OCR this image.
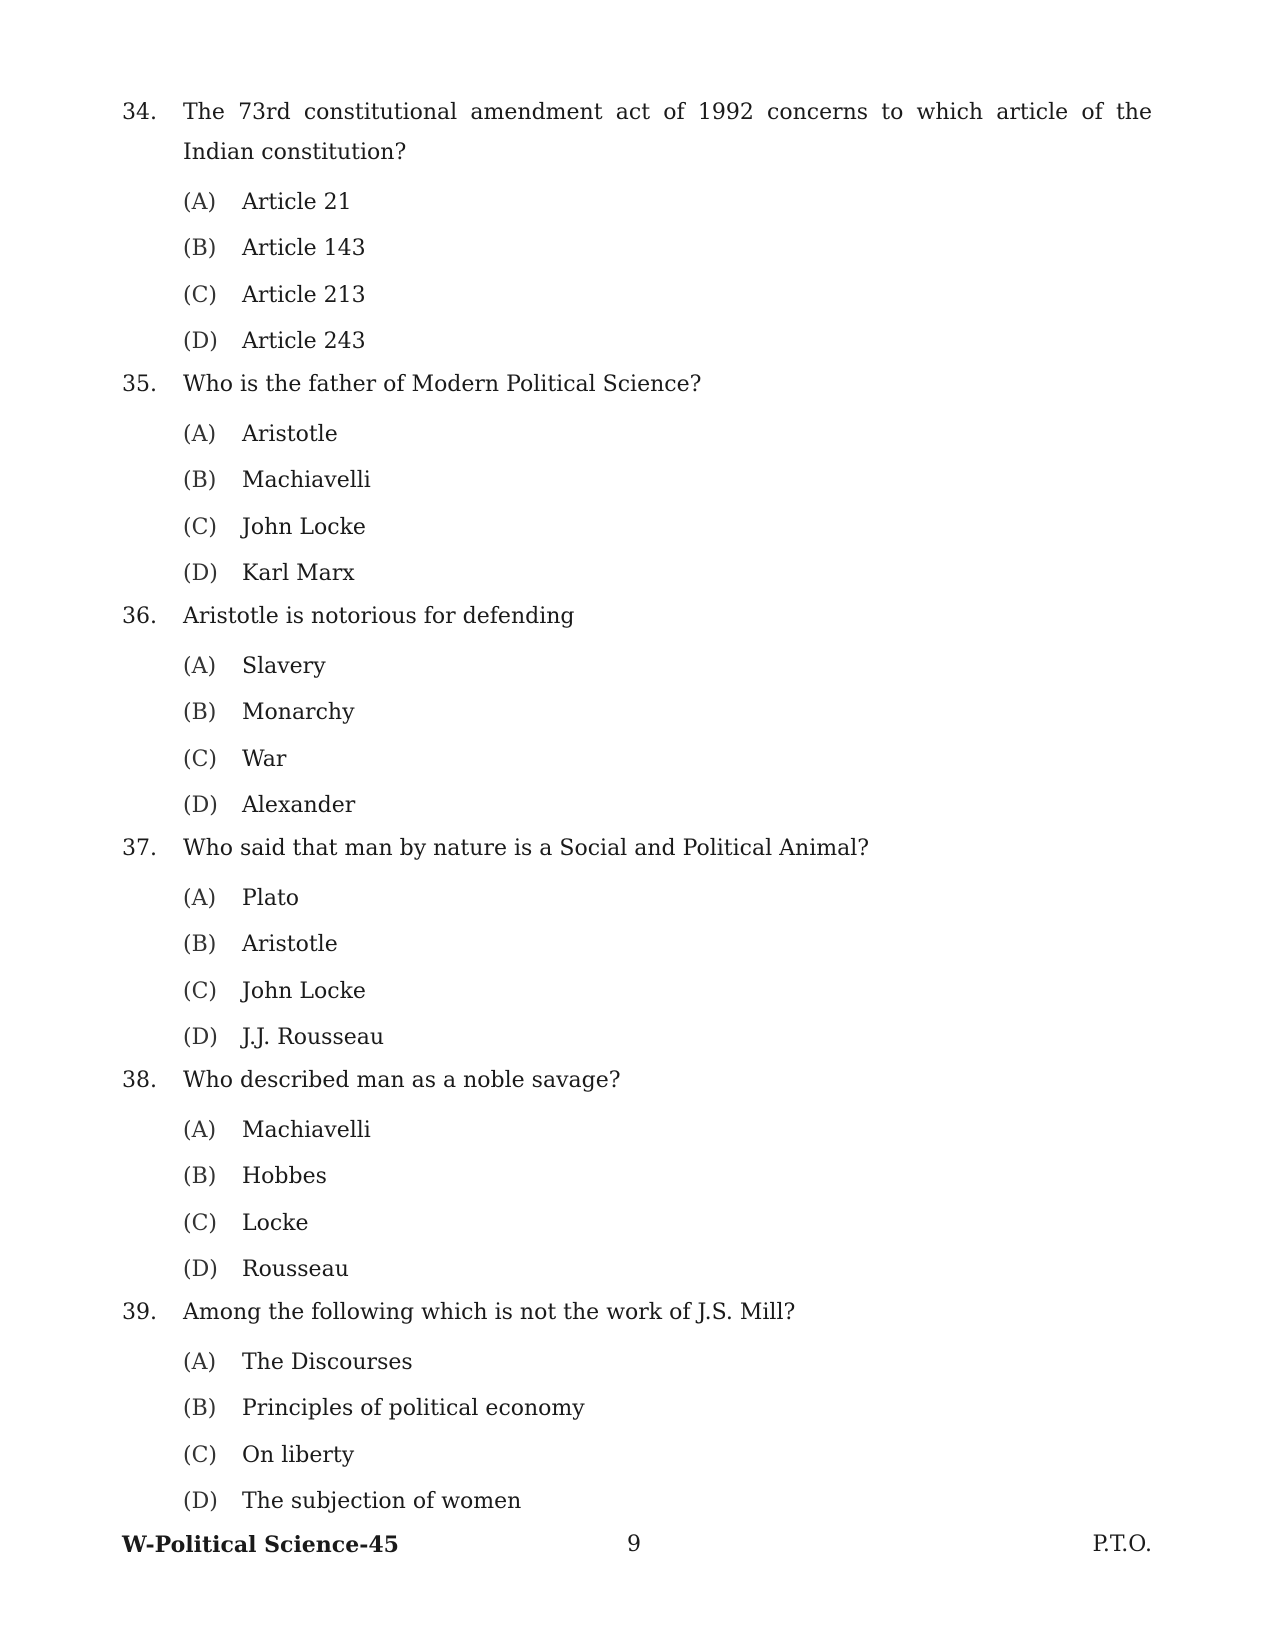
34.	The 73rd constitutional amendment act of 1992 concerns to which article of the Indian constitution?
(A)	Article 21
(B)	Article 143
(C)	Article 213
(D)	Article 243
35.	Who is the father of Modern Political Science?
(A)	Aristotle
(B)	Machiavelli
(C)	John Locke
(D)	Karl Marx
36.	Aristotle is notorious for defending
(A)	Slavery
(B)	Monarchy
(C)	War
(D)	Alexander
37.	Who said that man by nature is a Social and Political Animal?
(A)	Plato
(B)	Aristotle
(C)	John Locke
(D)	J.J. Rousseau
38.	Who described man as a noble savage?
(A)	Machiavelli
(B)	Hobbes
(C)	Locke
(D)	Rousseau
39.	Among the following which is not the work of J.S. Mill?
(A)	The Discourses
(B)	Principles of political economy
(C)	On liberty
(D)	The subjection of women
W-Political Science-45	9	P.T.O.
